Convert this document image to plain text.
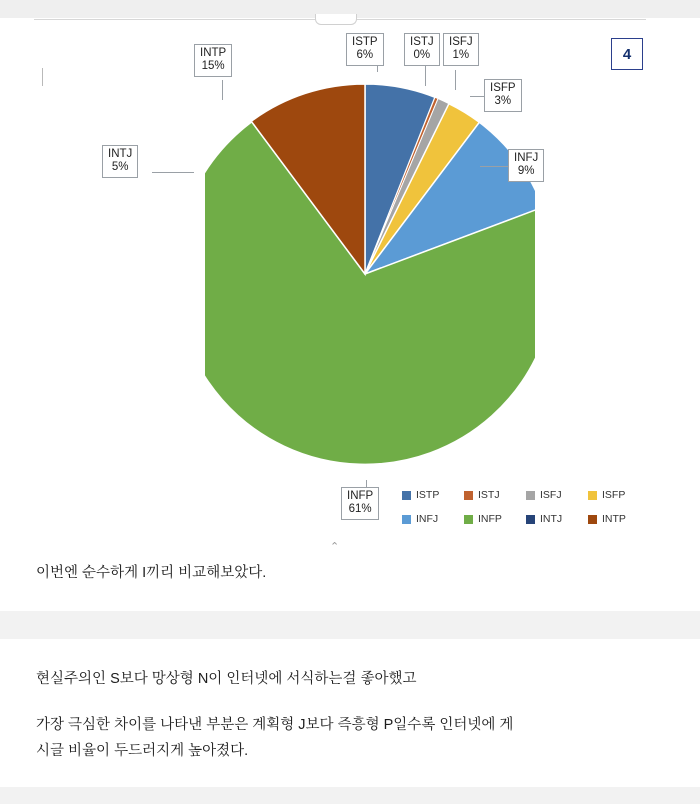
4
ISTP
6%
ISTJ
0%
ISFJ
1%
ISFP
3%
INFJ
9%
INFP
61%
INTJ
5%
INTP
15%
⌃
ISTP	ISTJ	ISFJ	ISFP
INFJ	INFP	INTJ	INTP
이번엔 순수하게 I끼리 비교해보았다.
현실주의인 S보다 망상형 N이 인터넷에 서식하는걸 좋아했고
가장 극심한 차이를 나타낸 부분은 계획형 J보다 즉흥형 P일수록 인터넷에 게
시글 비율이 두드러지게 높아졌다.
